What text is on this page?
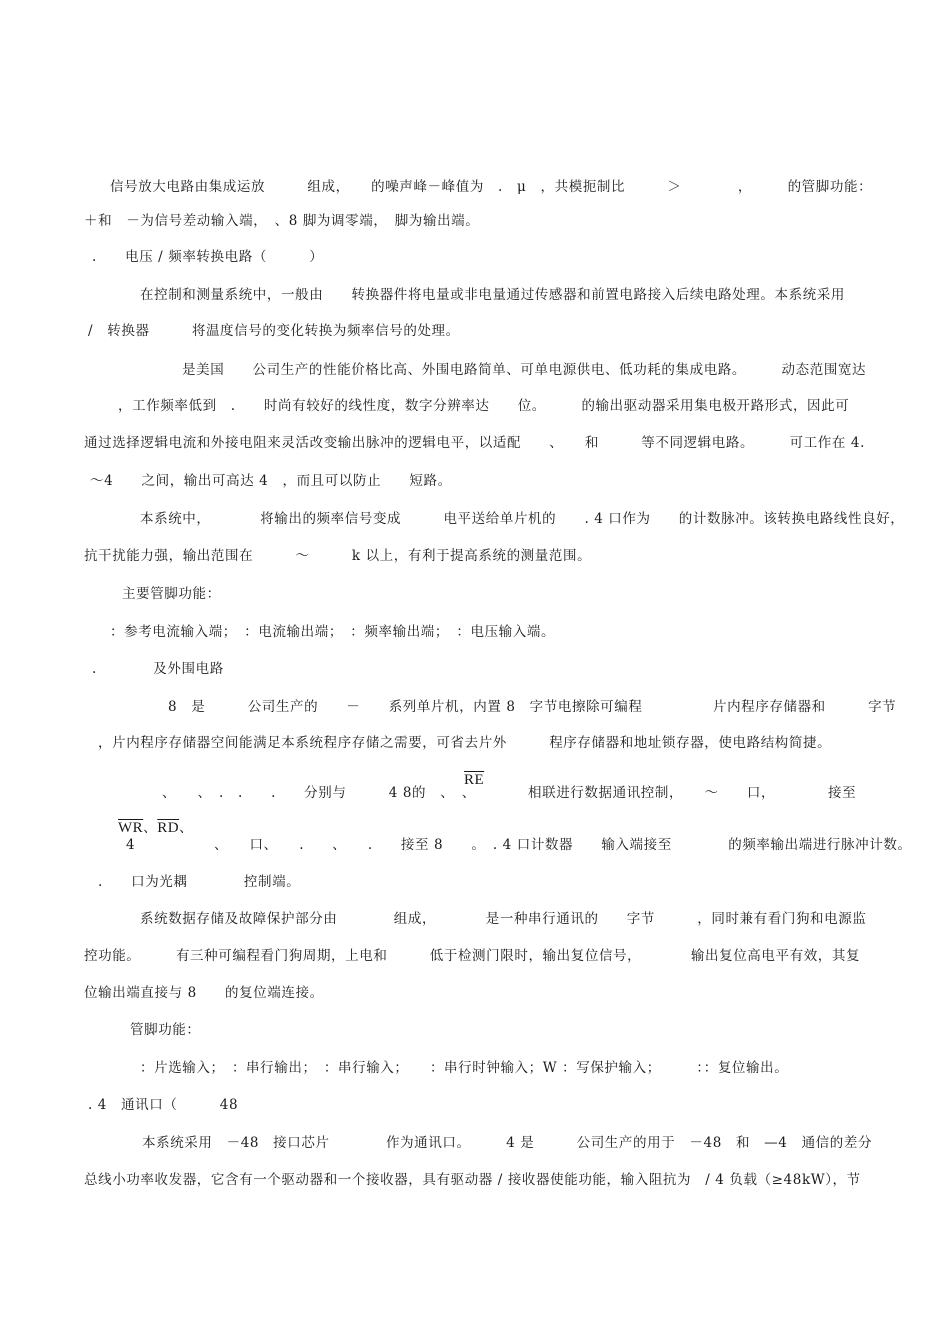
信号放大电路由集成运放　　　组成，　　的噪声峰－峰值为　.　μ　，共模扼制比　　　＞　　　　，　　　的管脚功能：
＋和　－为信号差动输入端，　、8 脚为调零端，　脚为输出端。
.　　电压 / 频率转换电路（　　　）
在控制和测量系统中，一般由　　转换器件将电量或非电量通过传感器和前置电路接入后续电路处理。本系统采用
/　转换器　　　将温度信号的变化转换为频率信号的处理。
是美国　　公司生产的性能价格比高、外围电路简单、可单电源供电、低功耗的集成电路。　　　动态范围宽达
，工作频率低到　.　　时尚有较好的线性度，数字分辨率达　　位。　　　的输出驱动器采用集电极开路形式，因此可
通过选择逻辑电流和外接电阻来灵活改变输出脉冲的逻辑电平，以适配　　、　　和　　　等不同逻辑电路。　　　可工作在 4.
～4　　之间，输出可高达 4　，而且可以防止　　短路。
本系统中，　　　　将输出的频率信号变成　　　电平送给单片机的　　. 4 口作为　　的计数脉冲。该转换电路线性良好，
抗干扰能力强，输出范围在　　　～　　　k 以上，有利于提高系统的测量范围。
主要管脚功能：
：参考电流输入端；　：电流输出端；　：频率输出端；　：电压输入端。
.　　　　及外围电路
8　是　　　公司生产的　　－　　系列单片机，内置 8　字节电擦除可编程　　　　　片内程序存储器和　　　字节
，片内程序存储器空间能满足本系统程序存储之需要，可省去片外　　　程序存储器和地址锁存器，使电路结构简捷。
、　　、　.　.　　.　　分别与　　　4 8的　、　、
$\overline{RE}$
相联进行数据通讯控制，　　～　　口，	接至
$\overline{WR}$、$\overline{RD}$、
4	、　　口、　　.　　、　　.　　接至 8　　。　. 4 口计数器　　输入端接至　　　　的频率输出端进行脉冲计数。
.　　口为光耦　　　　控制端。
系统数据存储及故障保护部分由　　　　组成，　　　　是一种串行通讯的　　字节　　　，同时兼有看门狗和电源监
控功能。　　　有三种可编程看门狗周期，上电和　　　低于检测门限时，输出复位信号，　　　　输出复位高电平有效，其复
位输出端直接与 8　　的复位端连接。
管脚功能：
：片选输入；　：串行输出；　：串行输入；　　：串行时钟输入；W ：写保护输入；　　　：：复位输出。
. 4　通讯口（　　　48
本系统采用　－48　接口芯片　　　　作为通讯口。　　　4 是　　　公司生产的用于　－48　和　—4　通信的差分
总线小功率收发器，它含有一个驱动器和一个接收器，具有驱动器 / 接收器使能功能，输入阻抗为　/ 4 负载（≥48kW），节
